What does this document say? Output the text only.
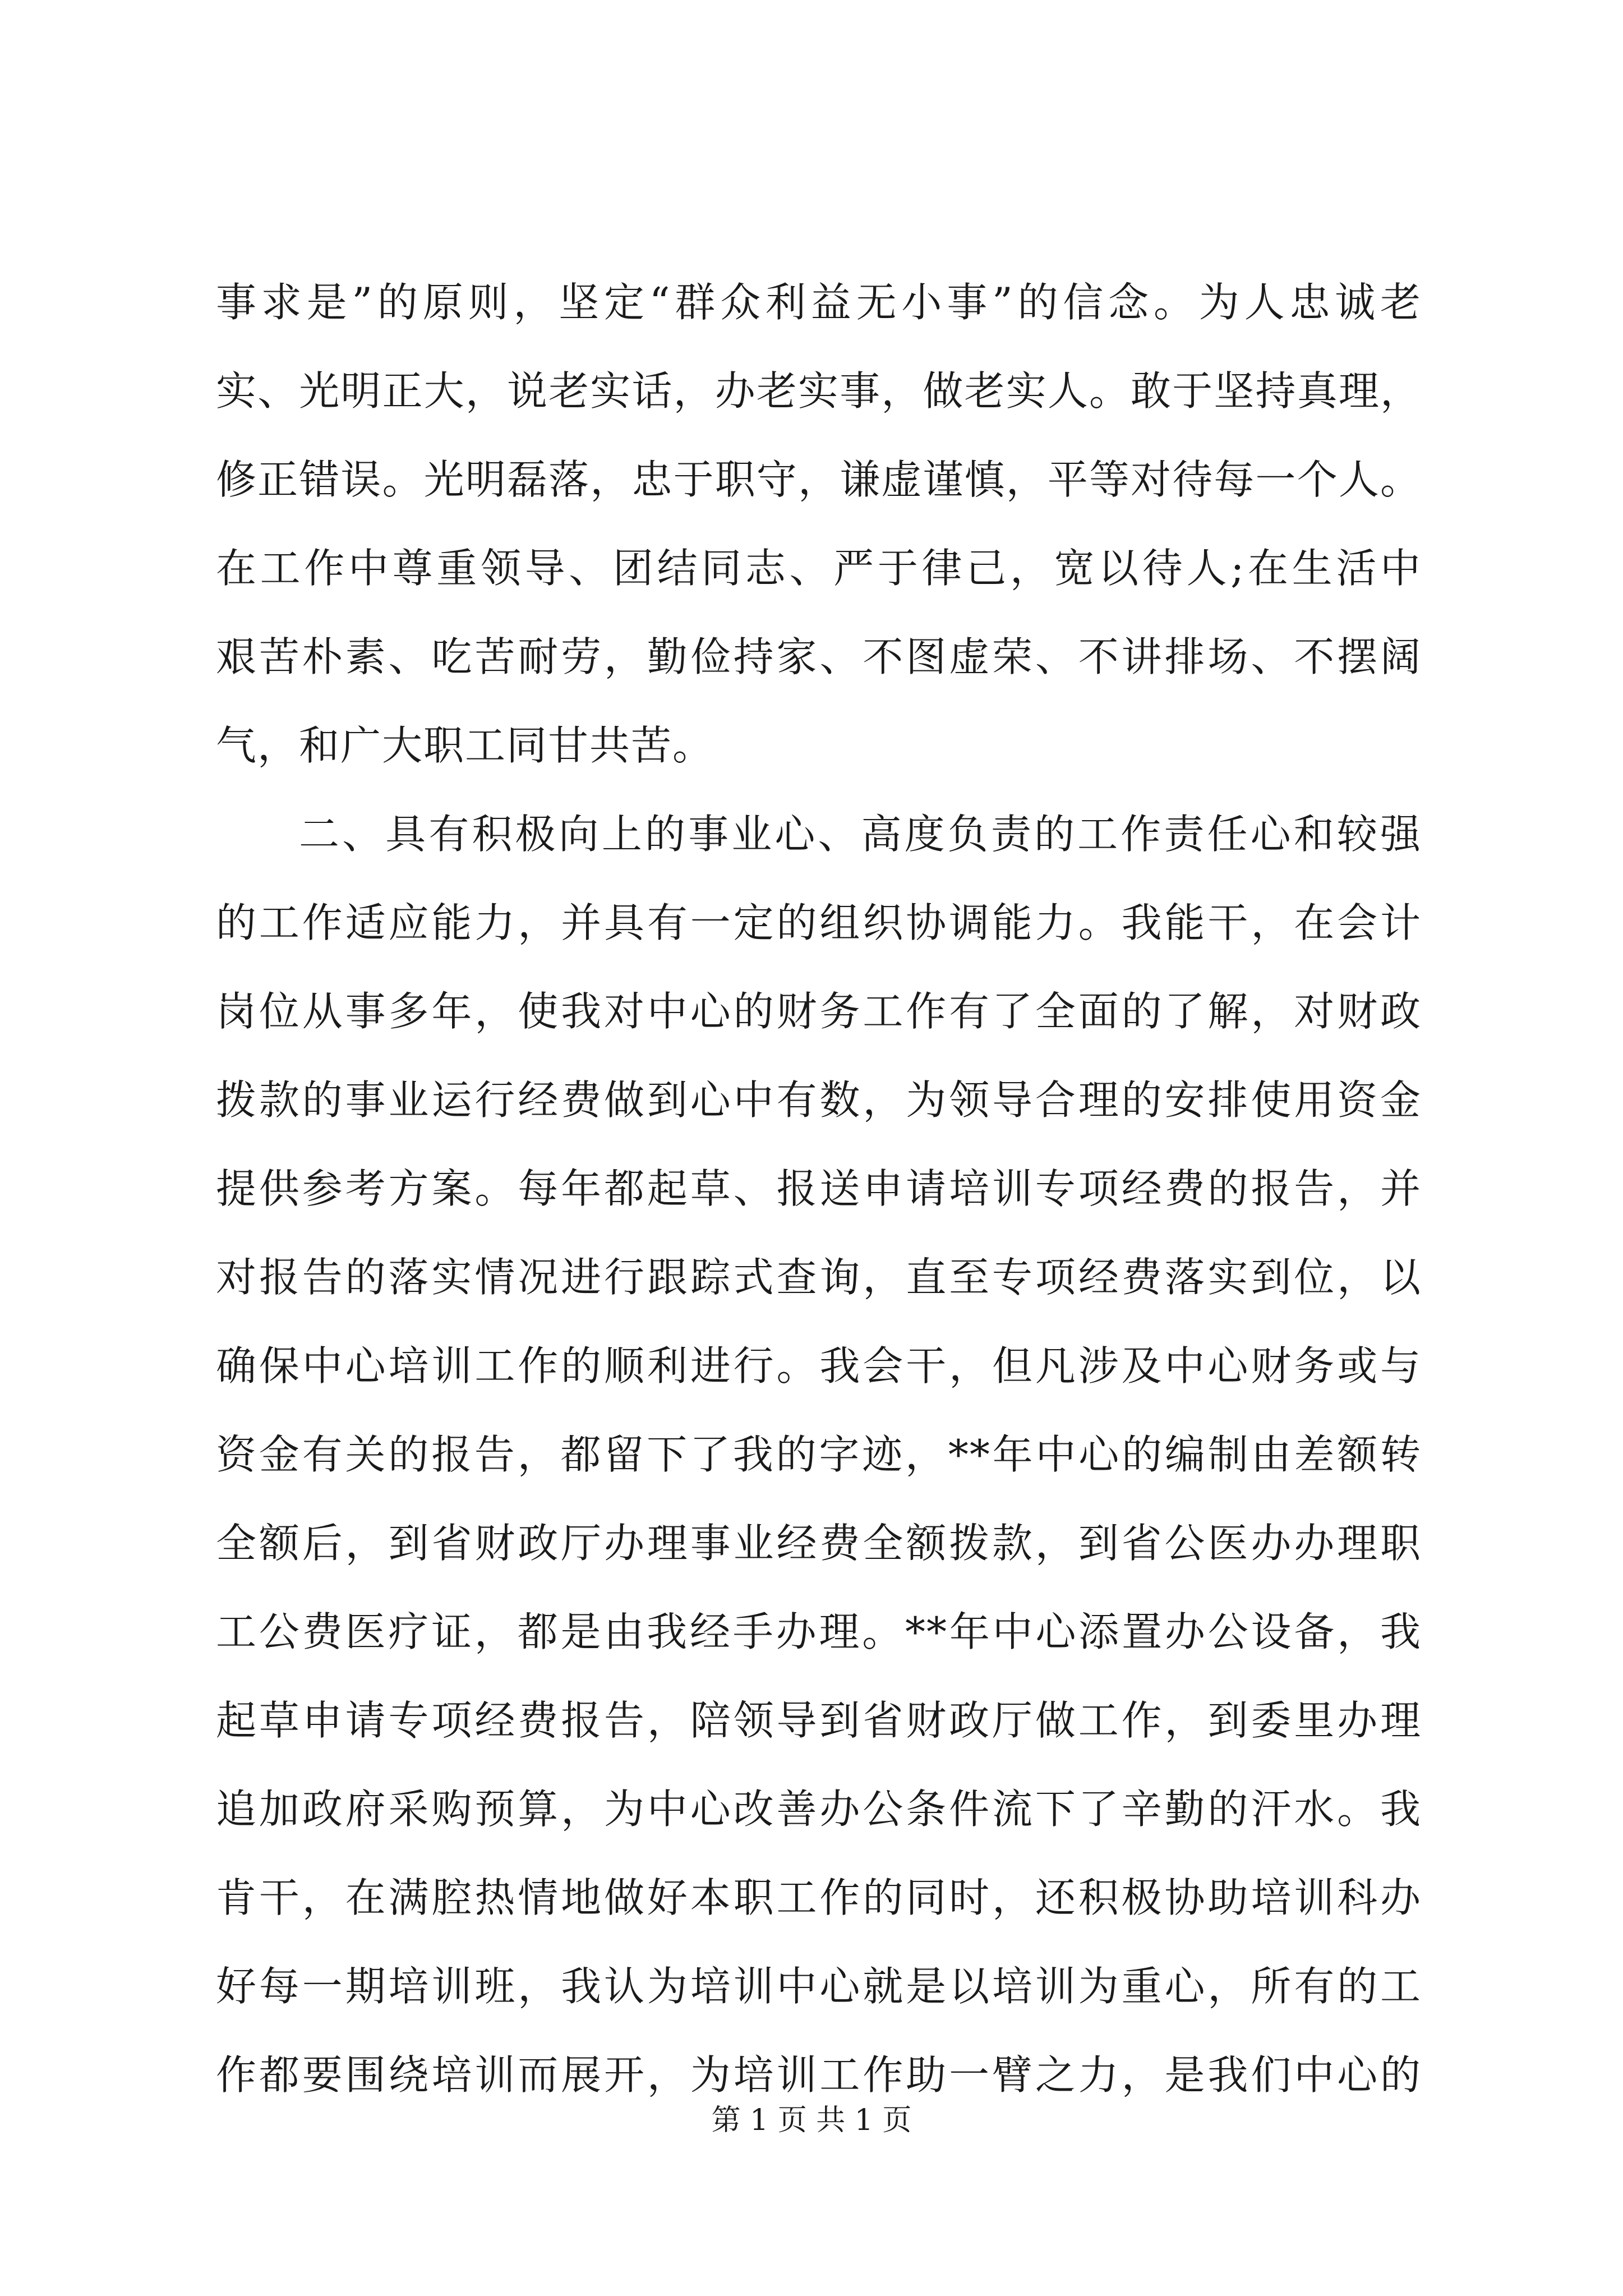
事求是”的原则，坚定“群众利益无小事”的信念。为人忠诚老
实、光明正大，说老实话，办老实事，做老实人。敢于坚持真理，
修正错误。光明磊落，忠于职守，谦虚谨慎，平等对待每一个人。
在工作中尊重领导、团结同志、严于律己，宽以待人;在生活中
艰苦朴素、吃苦耐劳，勤俭持家、不图虚荣、不讲排场、不摆阔
气，和广大职工同甘共苦。
二、具有积极向上的事业心、高度负责的工作责任心和较强
的工作适应能力，并具有一定的组织协调能力。我能干，在会计
岗位从事多年，使我对中心的财务工作有了全面的了解，对财政
拨款的事业运行经费做到心中有数，为领导合理的安排使用资金
提供参考方案。每年都起草、报送申请培训专项经费的报告，并
对报告的落实情况进行跟踪式查询，直至专项经费落实到位，以
确保中心培训工作的顺利进行。我会干，但凡涉及中心财务或与
资金有关的报告，都留下了我的字迹，**年中心的编制由差额转
全额后，到省财政厅办理事业经费全额拨款，到省公医办办理职
工公费医疗证，都是由我经手办理。**年中心添置办公设备，我
起草申请专项经费报告，陪领导到省财政厅做工作，到委里办理
追加政府采购预算，为中心改善办公条件流下了辛勤的汗水。我
肯干，在满腔热情地做好本职工作的同时，还积极协助培训科办
好每一期培训班，我认为培训中心就是以培训为重心，所有的工
作都要围绕培训而展开，为培训工作助一臂之力，是我们中心的
第 1 页 共 1 页
